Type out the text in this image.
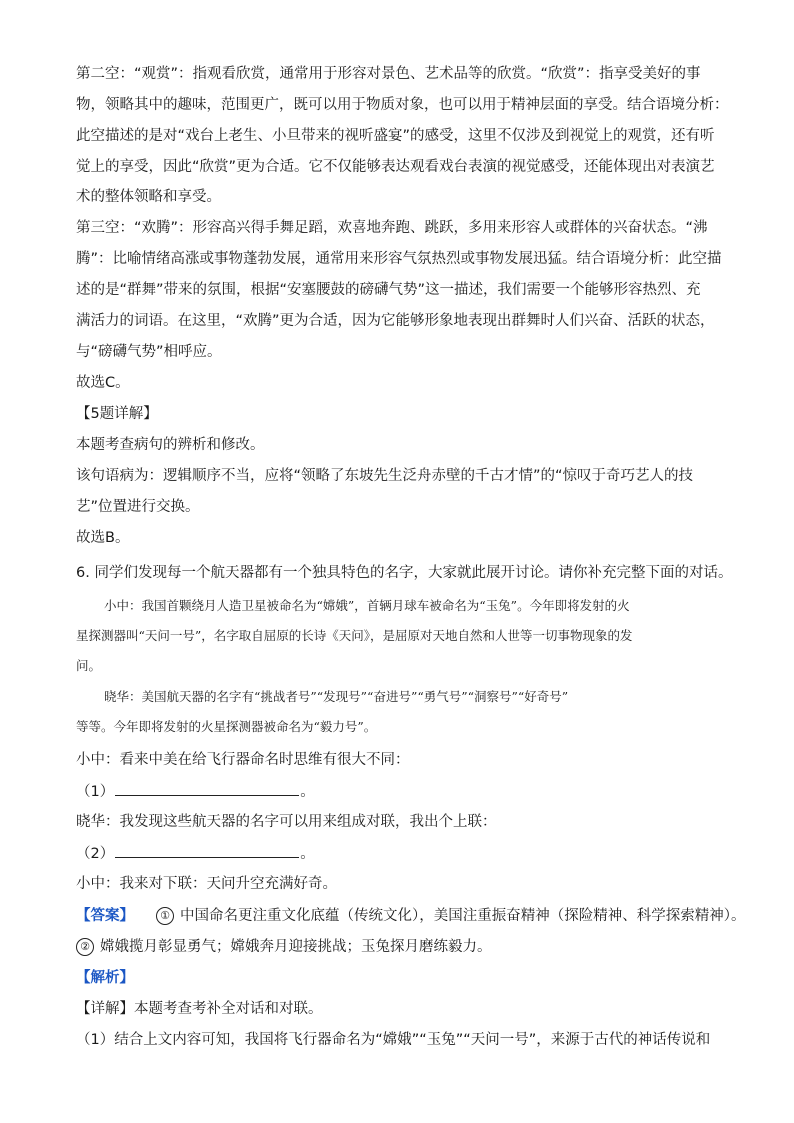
第二空：“观赏”：指观看欣赏，通常用于形容对景色、艺术品等的欣赏。“欣赏”：指享受美好的事
物，领略其中的趣味，范围更广，既可以用于物质对象，也可以用于精神层面的享受。结合语境分析：
此空描述的是对“戏台上老生、小旦带来的视听盛宴”的感受，这里不仅涉及到视觉上的观赏，还有听
觉上的享受，因此“欣赏”更为合适。它不仅能够表达观看戏台表演的视觉感受，还能体现出对表演艺
术的整体领略和享受。
第三空：“欢腾”：形容高兴得手舞足蹈，欢喜地奔跑、跳跃，多用来形容人或群体的兴奋状态。“沸
腾”：比喻情绪高涨或事物蓬勃发展，通常用来形容气氛热烈或事物发展迅猛。结合语境分析：此空描
述的是“群舞”带来的氛围，根据“安塞腰鼓的磅礴气势”这一描述，我们需要一个能够形容热烈、充
满活力的词语。在这里，“欢腾”更为合适，因为它能够形象地表现出群舞时人们兴奋、活跃的状态，
与“磅礴气势”相呼应。
故选C。
【5题详解】
本题考查病句的辨析和修改。
该句语病为：逻辑顺序不当，应将“领略了东坡先生泛舟赤壁的千古才情”的“惊叹于奇巧艺人的技
艺”位置进行交换。
故选B。
6. 同学们发现每一个航天器都有一个独具特色的名字，大家就此展开讨论。请你补充完整下面的对话。
小中：我国首颗绕月人造卫星被命名为“嫦娥”，首辆月球车被命名为“玉兔”。今年即将发射的火
星探测器叫“天问一号”，名字取自屈原的长诗《天问》，是屈原对天地自然和人世等一切事物现象的发
问。
晓华：美国航天器的名字有“挑战者号”“发现号”“奋进号”“勇气号”“洞察号”“好奇号”
等等。今年即将发射的火星探测器被命名为“毅力号”。
小中：看来中美在给飞行器命名时思维有很大不同：
（1）	。
晓华：我发现这些航天器的名字可以用来组成对联，我出个上联：
（2）	。
小中：我来对下联：天问升空充满好奇。
【答案】 ① 中国命名更注重文化底蕴（传统文化），美国注重振奋精神（探险精神、科学探索精神）。
② 嫦娥揽月彰显勇气；嫦娥奔月迎接挑战；玉兔探月磨练毅力。
【解析】
【详解】本题考查考补全对话和对联。
（1）结合上文内容可知，我国将飞行器命名为“嫦娥”“玉兔”“天问一号”，来源于古代的神话传说和
